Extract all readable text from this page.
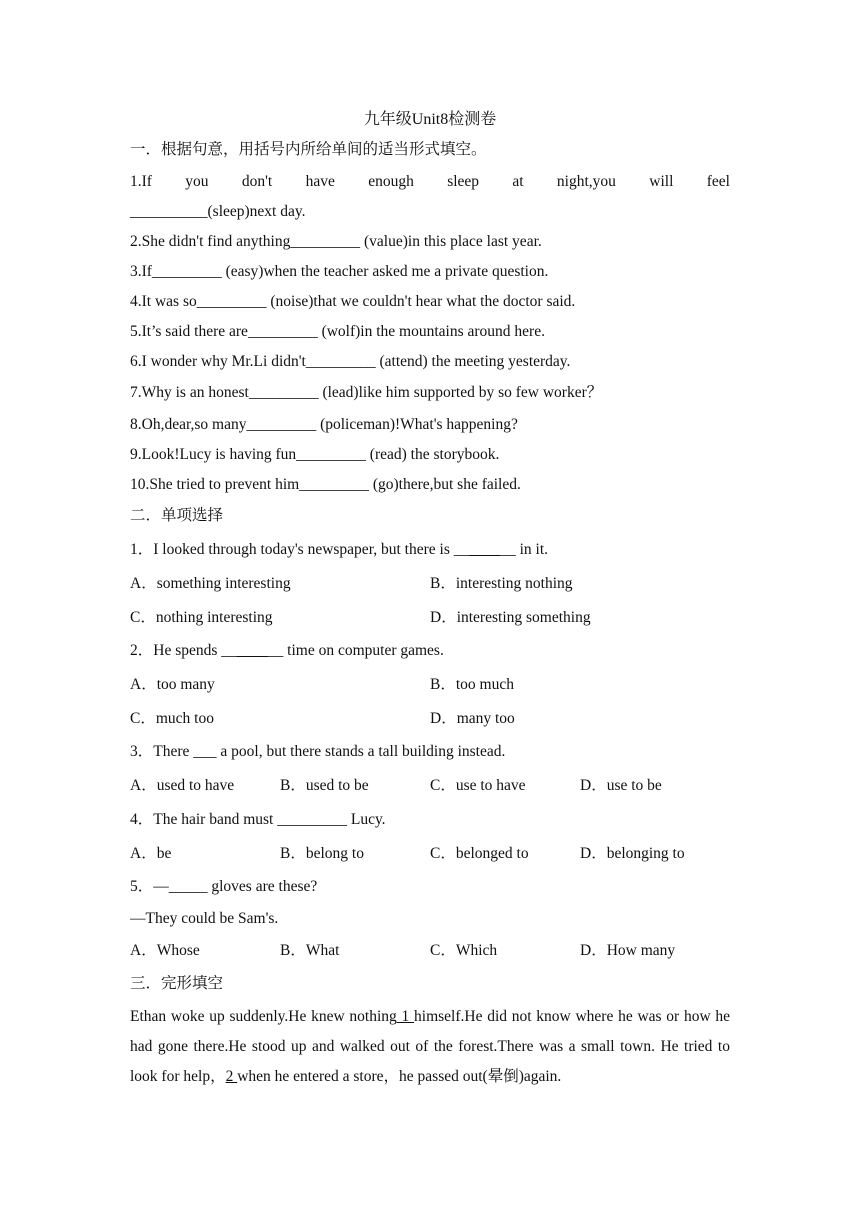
九年级Unit8检测卷
一．根据句意，用括号内所给单间的适当形式填空。
1.If you don't have enough sleep at night,you will feel
__________(sleep)next day.
2.She didn't find anything_________ (value)in this place last year.
3.If_________ (easy)when the teacher asked me a private question.
4.It was so_________ (noise)that we couldn't hear what the doctor said.
5.It’s said there are_________ (wolf)in the mountains around here.
6.I wonder why Mr.Li didn't_________ (attend) the meeting yesterday.
7.Why is an honest_________ (lead)like him supported by so few worker？
8.Oh,dear,so many_________ (policeman)!What's happening?
9.Look!Lucy is having fun_________ (read) the storybook.
10.She tried to prevent him_________ (go)there,but she failed.
二．单项选择
1．I looked through today's newspaper, but there is ________ in it.
A．something interesting	B．interesting nothing
C．nothing interesting	D．interesting something
2．He spends ________ time on computer games.
A．too many	B．too much
C．much too	D．many too
3．There ___ a pool, but there stands a tall building instead.
A．used to have	B．used to be	C．use to have	D．use to be
4．The hair band must _________ Lucy.
A．be	B．belong to	C．belonged to	D．belonging to
5．—_____ gloves are these?
—They could be Sam's.
A．Whose	B．What	C．Which	D．How many
三．完形填空
Ethan woke up suddenly.He knew nothing 1 himself.He did not know where he was or how he had gone there.He stood up and walked out of the forest.There was a small town. He tried to look for help，2 when he entered a store，he passed out(晕倒)again.
